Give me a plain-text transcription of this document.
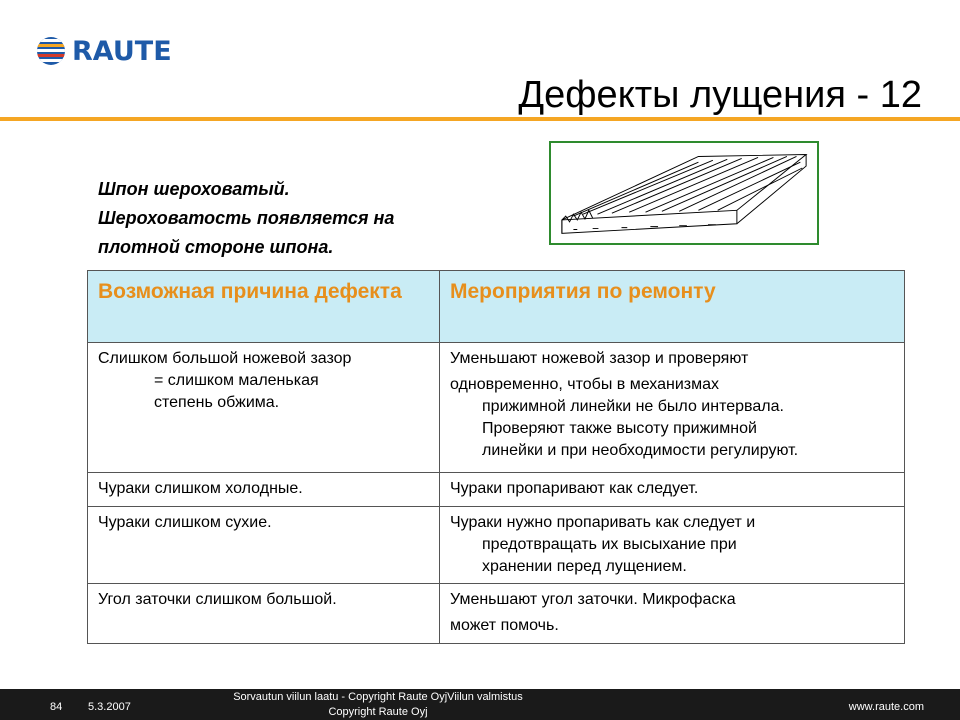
RAUTE
Дефекты лущения - 12
Шпон шероховатый.
Шероховатость появляется на
плотной стороне шпона.
Возможная причина дефекта	Мероприятия по ремонту

Слишком большой ножевой зазор
= слишком маленькая
степень обжима.	Уменьшают ножевой зазор и проверяют
одновременно, чтобы в механизмах
прижимной линейки не было интервала.
Проверяют также высоту прижимной
линейки и при необходимости регулируют.

Чураки слишком холодные.	Чураки пропаривают как следует.
Чураки слишком сухие.	Чураки нужно пропаривать как следует и
предотвращать их высыхание при
хранении перед лущением.

Угол заточки слишком большой.	Уменьшают угол заточки. Микрофаска
может помочь.
84 5.3.2007
Sorvautun viilun laatu - Copyright Raute OyjViilun valmistus
Copyright Raute Oyj	www.raute.com
